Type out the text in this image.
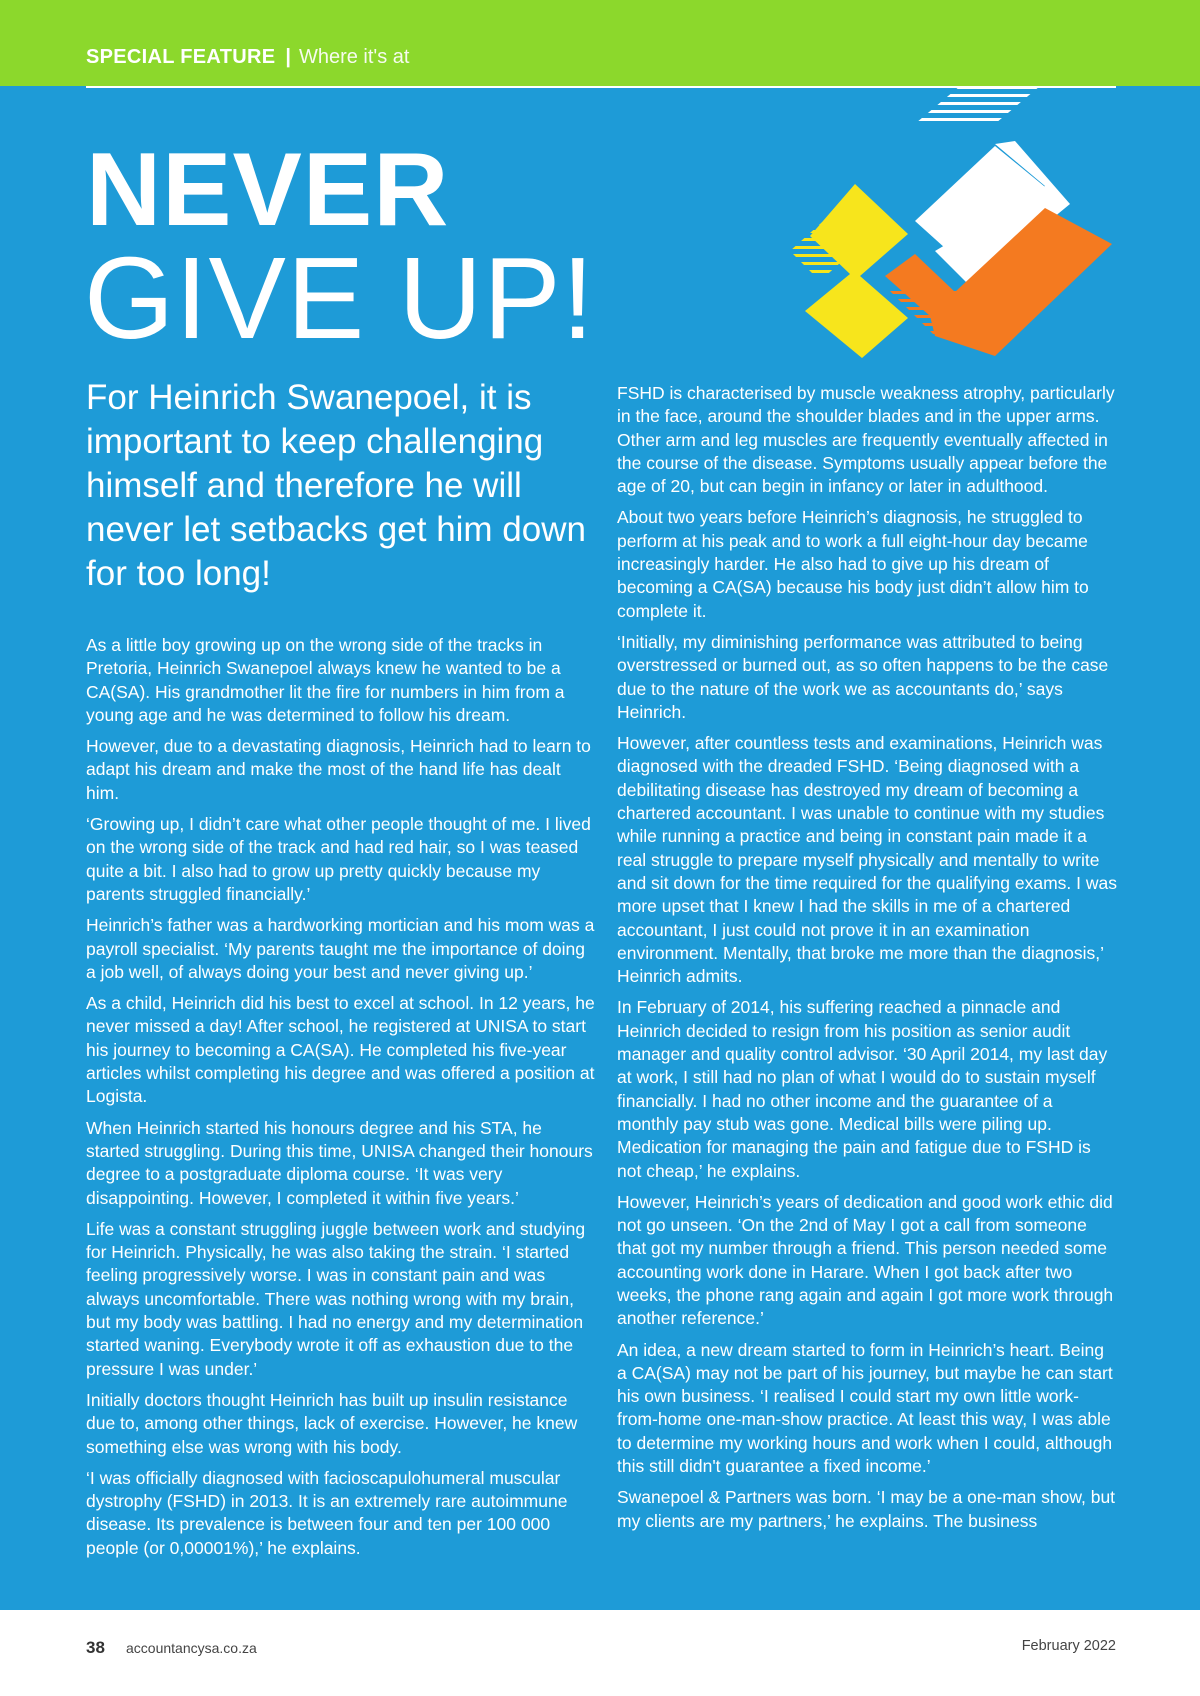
SPECIAL FEATURE | Where it's at
NEVER
GIVE UP!
For Heinrich Swanepoel, it is important to keep challenging himself and therefore he will never let setbacks get him down for too long!

As a little boy growing up on the wrong side of the tracks in Pretoria, Heinrich Swanepoel always knew he wanted to be a CA(SA). His grandmother lit the fire for numbers in him from a young age and he was determined to follow his dream.

However, due to a devastating diagnosis, Heinrich had to learn to adapt his dream and make the most of the hand life has dealt him.

‘Growing up, I didn’t care what other people thought of me. I lived on the wrong side of the track and had red hair, so I was teased quite a bit. I also had to grow up pretty quickly because my parents struggled financially.’

Heinrich’s father was a hardworking mortician and his mom was a payroll specialist. ‘My parents taught me the importance of doing a job well, of always doing your best and never giving up.’

As a child, Heinrich did his best to excel at school. In 12 years, he never missed a day! After school, he registered at UNISA to start his journey to becoming a CA(SA). He completed his five-year articles whilst completing his degree and was offered a position at Logista.

When Heinrich started his honours degree and his STA, he started struggling. During this time, UNISA changed their honours degree to a postgraduate diploma course. ‘It was very disappointing. However, I completed it within five years.’

Life was a constant struggling juggle between work and studying for Heinrich. Physically, he was also taking the strain. ‘I started feeling progressively worse. I was in constant pain and was always uncomfortable. There was nothing wrong with my brain, but my body was battling. I had no energy and my determination started waning. Everybody wrote it off as exhaustion due to the pressure I was under.’

Initially doctors thought Heinrich has built up insulin resistance due to, among other things, lack of exercise. However, he knew something else was wrong with his body.

‘I was officially diagnosed with facioscapulohumeral muscular dystrophy (FSHD) in 2013. It is an extremely rare autoimmune disease. Its prevalence is between four and ten per 100 000 people (or 0,00001%),’ he explains.

FSHD is characterised by muscle weakness atrophy, particularly in the face, around the shoulder blades and in the upper arms. Other arm and leg muscles are frequently eventually affected in the course of the disease. Symptoms usually appear before the age of 20, but can begin in infancy or later in adulthood.

About two years before Heinrich’s diagnosis, he struggled to perform at his peak and to work a full eight-hour day became increasingly harder. He also had to give up his dream of becoming a CA(SA) because his body just didn’t allow him to complete it.

‘Initially, my diminishing performance was attributed to being overstressed or burned out, as so often happens to be the case due to the nature of the work we as accountants do,’ says Heinrich.

However, after countless tests and examinations, Heinrich was diagnosed with the dreaded FSHD. ‘Being diagnosed with a debilitating disease has destroyed my dream of becoming a chartered accountant. I was unable to continue with my studies while running a practice and being in constant pain made it a real struggle to prepare myself physically and mentally to write and sit down for the time required for the qualifying exams. I was more upset that I knew I had the skills in me of a chartered accountant, I just could not prove it in an examination environment. Mentally, that broke me more than the diagnosis,’ Heinrich admits.

In February of 2014, his suffering reached a pinnacle and Heinrich decided to resign from his position as senior audit manager and quality control advisor. ‘30 April 2014, my last day at work, I still had no plan of what I would do to sustain myself financially. I had no other income and the guarantee of a monthly pay stub was gone. Medical bills were piling up. Medication for managing the pain and fatigue due to FSHD is not cheap,’ he explains.

However, Heinrich’s years of dedication and good work ethic did not go unseen. ‘On the 2nd of May I got a call from someone that got my number through a friend. This person needed some accounting work done in Harare. When I got back after two weeks, the phone rang again and again I got more work through another reference.’

An idea, a new dream started to form in Heinrich’s heart. Being a CA(SA) may not be part of his journey, but maybe he can start his own business. ‘I realised I could start my own little work-from-home one-man-show practice. At least this way, I was able to determine my working hours and work when I could, although this still didn't guarantee a fixed income.’

Swanepoel & Partners was born. ‘I may be a one-man show, but my clients are my partners,’ he explains. The business

38 accountancysa.co.za	February 2022
